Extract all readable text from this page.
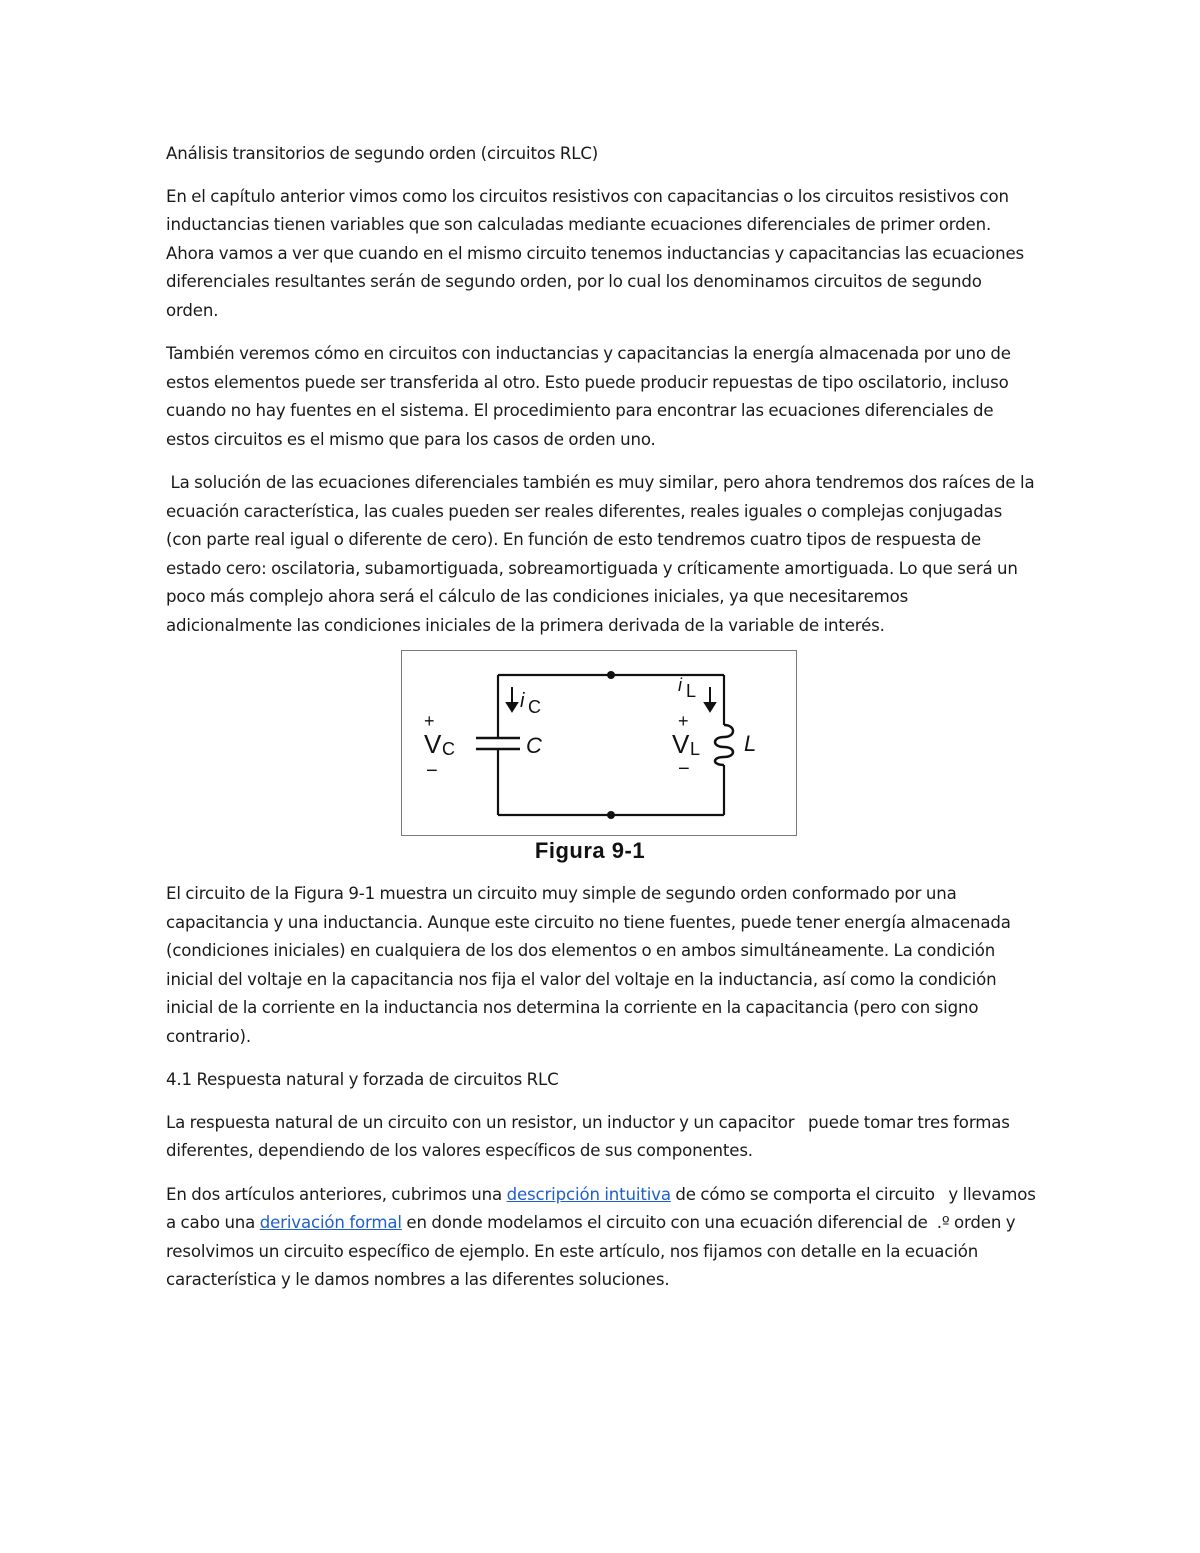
Análisis transitorios de segundo orden (circuitos RLC)

En el capítulo anterior vimos como los circuitos resistivos con capacitancias o los circuitos resistivos con inductancias tienen variables que son calculadas mediante ecuaciones diferenciales de primer orden. Ahora vamos a ver que cuando en el mismo circuito tenemos inductancias y capacitancias las ecuaciones diferenciales resultantes serán de segundo orden, por lo cual los denominamos circuitos de segundo orden.

También veremos cómo en circuitos con inductancias y capacitancias la energía almacenada por uno de estos elementos puede ser transferida al otro. Esto puede producir repuestas de tipo oscilatorio, incluso cuando no hay fuentes en el sistema. El procedimiento para encontrar las ecuaciones diferenciales de estos circuitos es el mismo que para los casos de orden uno.

La solución de las ecuaciones diferenciales también es muy similar, pero ahora tendremos dos raíces de la ecuación característica, las cuales pueden ser reales diferentes, reales iguales o complejas conjugadas (con parte real igual o diferente de cero). En función de esto tendremos cuatro tipos de respuesta de estado cero: oscilatoria, subamortiguada, sobreamortiguada y críticamente amortiguada. Lo que será un poco más complejo ahora será el cálculo de las condiciones iniciales, ya que necesitaremos adicionalmente las condiciones iniciales de la primera derivada de la variable de interés.

i C
i L
+
V C
−
C
+
V L
−
L
Figura 9-1

El circuito de la Figura 9-1 muestra un circuito muy simple de segundo orden conformado por una capacitancia y una inductancia. Aunque este circuito no tiene fuentes, puede tener energía almacenada (condiciones iniciales) en cualquiera de los dos elementos o en ambos simultáneamente. La condición inicial del voltaje en la capacitancia nos fija el valor del voltaje en la inductancia, así como la condición inicial de la corriente en la inductancia nos determina la corriente en la capacitancia (pero con signo contrario).

4.1 Respuesta natural y forzada de circuitos RLC

La respuesta natural de un circuito con un resistor, un inductor y un capacitor   puede tomar tres formas diferentes, dependiendo de los valores específicos de sus componentes.

En dos artículos anteriores, cubrimos una descripción intuitiva de cómo se comporta el circuito   y llevamos a cabo una derivación formal en donde modelamos el circuito con una ecuación diferencial de  .º orden y resolvimos un circuito específico de ejemplo. En este artículo, nos fijamos con detalle en la ecuación característica y le damos nombres a las diferentes soluciones.
